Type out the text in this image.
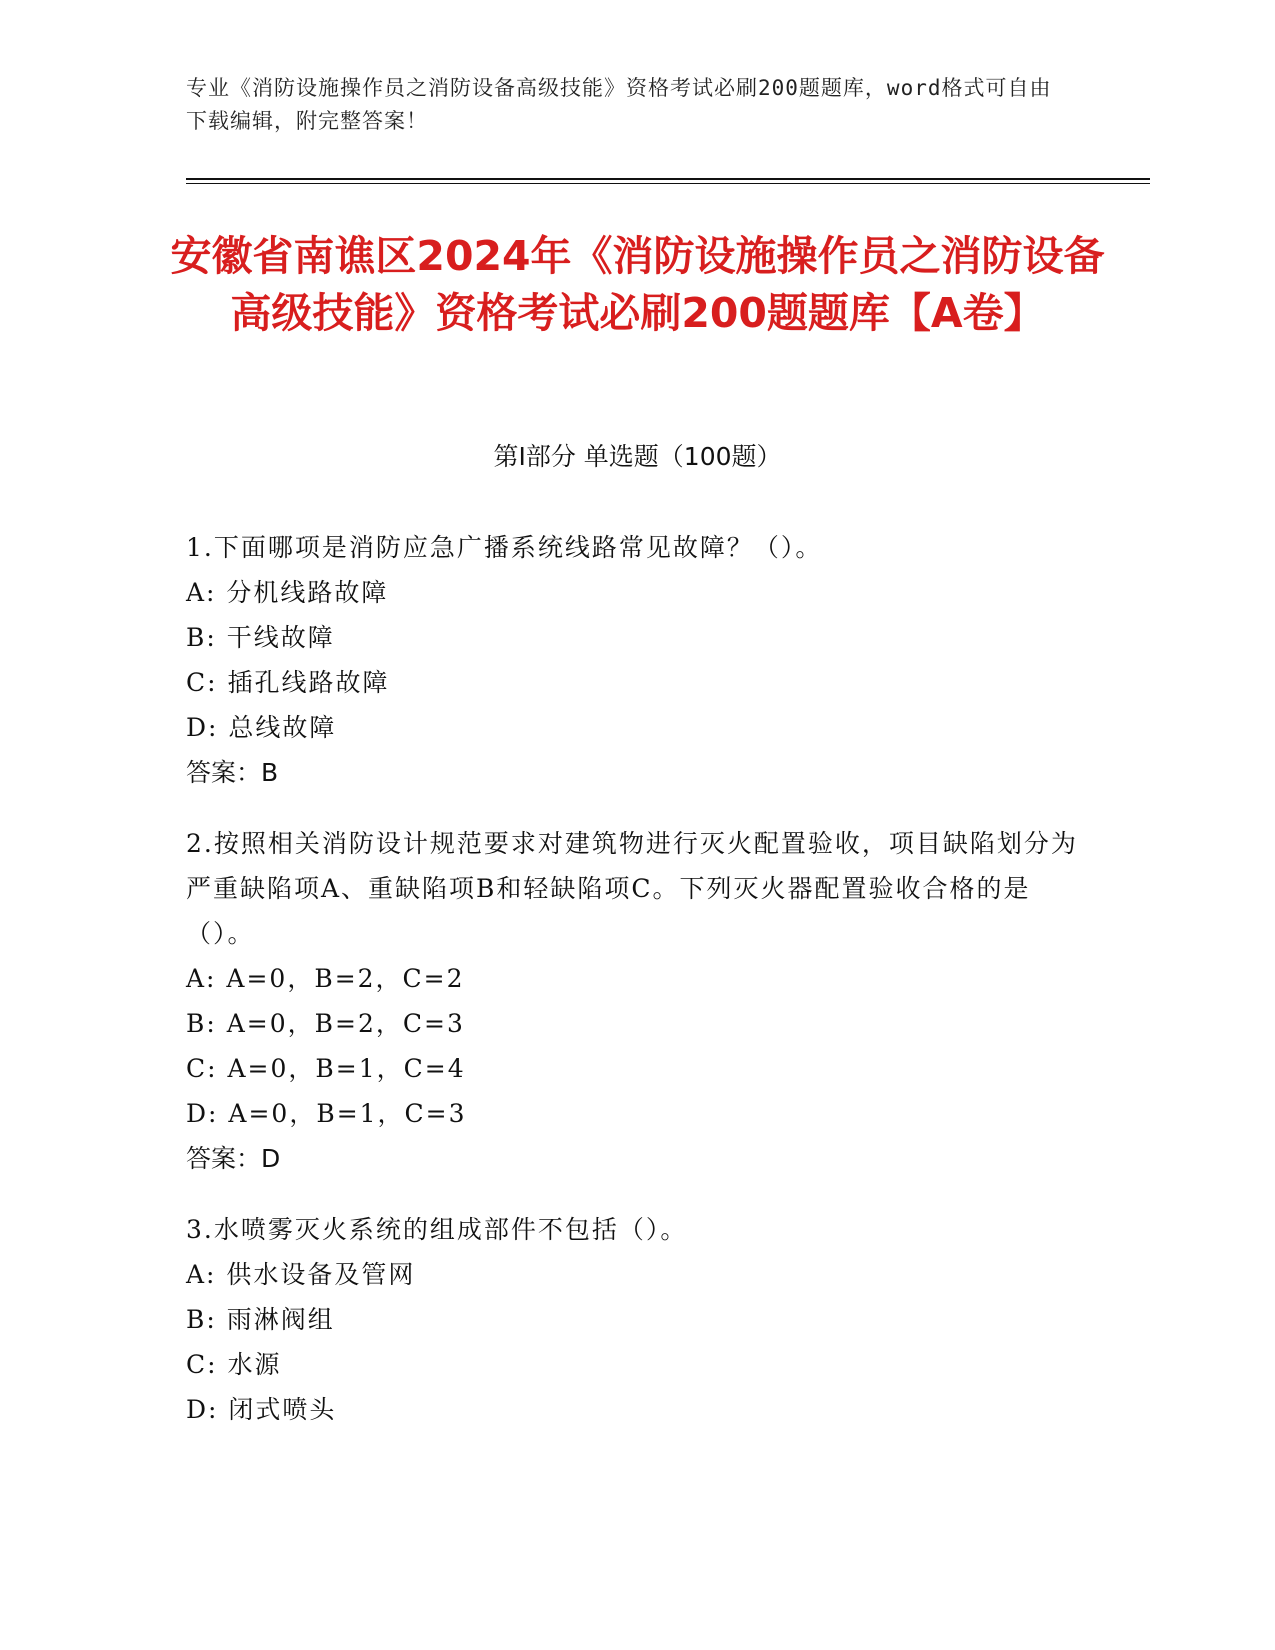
专业《消防设施操作员之消防设备高级技能》资格考试必刷200题题库，word格式可自由下载编辑，附完整答案！
安徽省南谯区2024年《消防设施操作员之消防设备高级技能》资格考试必刷200题题库【A卷】
第Ⅰ部分 单选题（100题）
1.下面哪项是消防应急广播系统线路常见故障？（）。
A: 分机线路故障
B: 干线故障
C: 插孔线路故障
D: 总线故障
答案：B
2.按照相关消防设计规范要求对建筑物进行灭火配置验收，项目缺陷划分为严重缺陷项A、重缺陷项B和轻缺陷项C。下列灭火器配置验收合格的是（）。
A: A=0，B=2，C=2
B: A=0，B=2，C=3
C: A=0，B=1，C=4
D: A=0，B=1，C=3
答案：D
3.水喷雾灭火系统的组成部件不包括（）。
A: 供水设备及管网
B: 雨淋阀组
C: 水源
D: 闭式喷头
